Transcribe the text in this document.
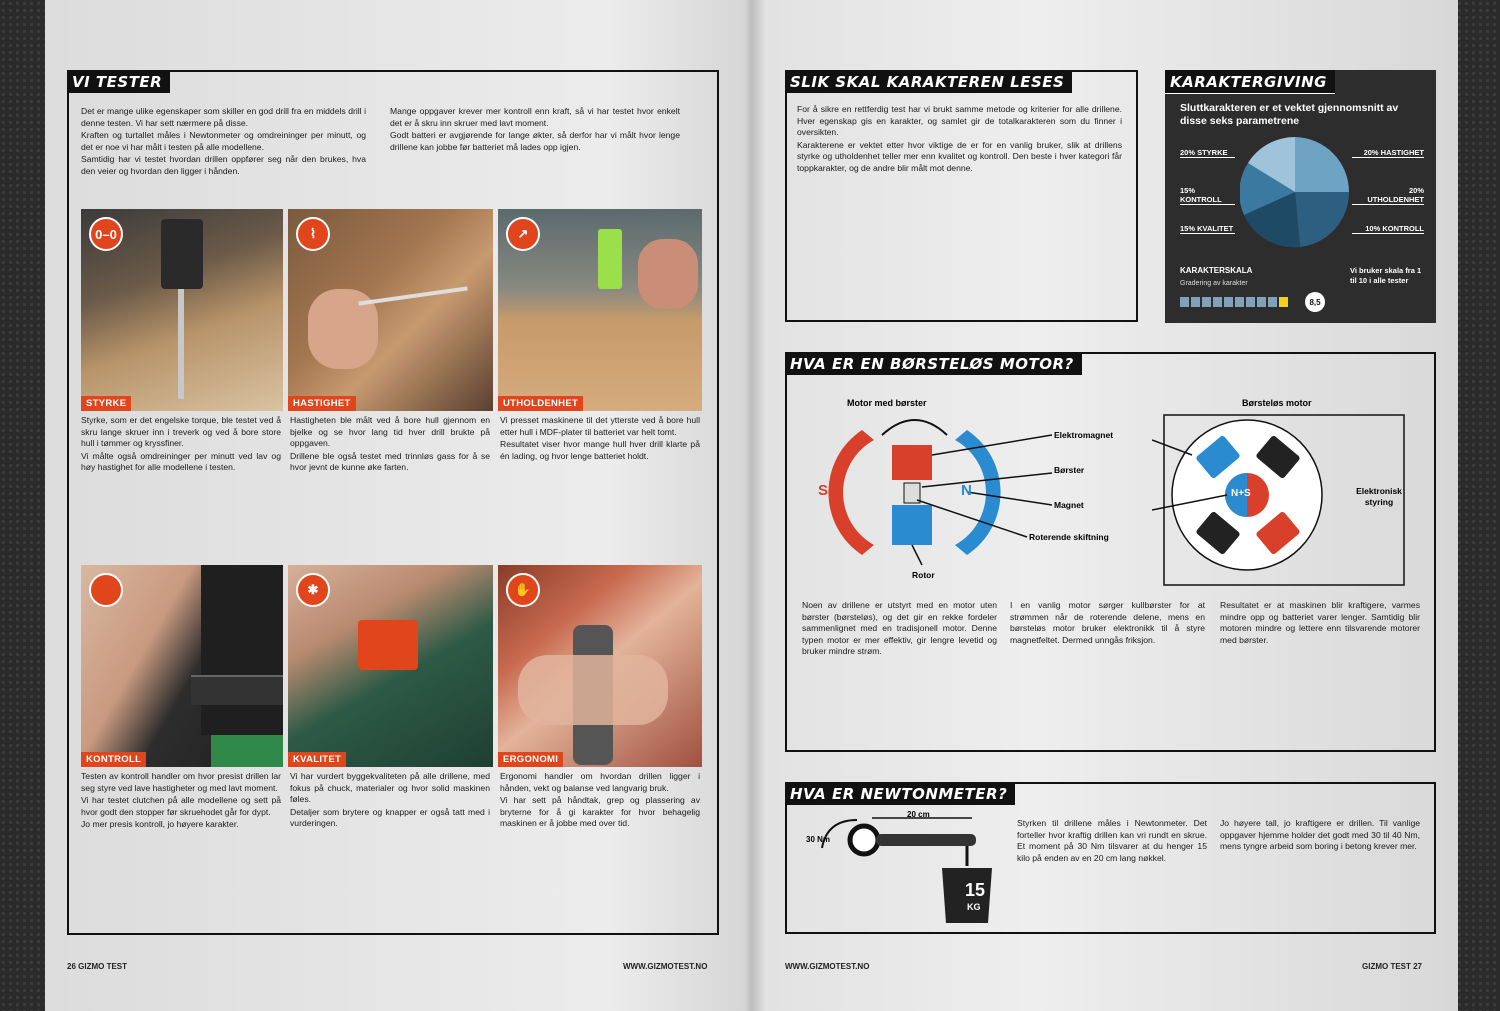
VI TESTER

Det er mange ulike egenskaper som skiller en god drill fra en middels drill i denne testen. Vi har sett nærmere på disse.

Kraften og turtallet måles i Newtonmeter og omdreininger per minutt, og det er noe vi har målt i testen på alle modellene.

Samtidig har vi testet hvordan drillen oppfører seg når den brukes, hva den veier og hvordan den ligger i hånden.

Mange oppgaver krever mer kontroll enn kraft, så vi har testet hvor enkelt det er å skru inn skruer med lavt moment.

Godt batteri er avgjørende for lange økter, så derfor har vi målt hvor lenge drillene kan jobbe før batteriet må lades opp igjen.

0–0
STYRKE
⌇
HASTIGHET
↗
UTHOLDENHET

Styrke, som er det engelske torque, ble testet ved å skru lange skruer inn i treverk og ved å bore store hull i tømmer og kryssfiner.

Vi målte også omdreininger per minutt ved lav og høy hastighet for alle modellene i testen.

Hastigheten ble målt ved å bore hull gjennom en bjelke og se hvor lang tid hver drill brukte på oppgaven.

Drillene ble også testet med trinnløs gass for å se hvor jevnt de kunne øke farten.

Vi presset maskinene til det ytterste ved å bore hull etter hull i MDF-plater til batteriet var helt tomt.

Resultatet viser hvor mange hull hver drill klarte på én lading, og hvor lenge batteriet holdt.

KONTROLL
✱
KVALITET
✋
ERGONOMI

Testen av kontroll handler om hvor presist drillen lar seg styre ved lave hastigheter og med lavt moment.

Vi har testet clutchen på alle modellene og sett på hvor godt den stopper før skruehodet går for dypt.

Jo mer presis kontroll, jo høyere karakter.

Vi har vurdert byggekvaliteten på alle drillene, med fokus på chuck, materialer og hvor solid maskinen føles.

Detaljer som brytere og knapper er også tatt med i vurderingen.

Ergonomi handler om hvordan drillen ligger i hånden, vekt og balanse ved langvarig bruk.

Vi har sett på håndtak, grep og plassering av bryterne for å gi karakter for hvor behagelig maskinen er å jobbe med over tid.

26 GIZMO TEST	WWW.GIZMOTEST.NO
SLIK SKAL KARAKTEREN LESES

For å sikre en rettferdig test har vi brukt samme metode og kriterier for alle drillene. Hver egenskap gis en karakter, og samlet gir de totalkarakteren som du finner i oversikten.

Karakterene er vektet etter hvor viktige de er for en vanlig bruker, slik at drillens styrke og utholdenhet teller mer enn kvalitet og kontroll. Den beste i hver kategori får toppkarakter, og de andre blir målt mot denne.

KARAKTERGIVING
Sluttkarakteren er et vektet gjennomsnitt av disse seks parametrene
20% STYRKE
15% KONTROLL
15% KVALITET
20% HASTIGHET
20% UTHOLDENHET
10% KONTROLL
KARAKTERSKALA
Gradering av karakter
8,5
Vi bruker skala fra 1 til 10 i alle tester
HVA ER EN BØRSTELØS MOTOR?
Motor med børster
S	N
Elektromagnet
Børster
Magnet
Roterende skiftning
Rotor
Børsteløs motor
N+S	Elektronisk styring
Noen av drillene er utstyrt med en motor uten børster (børsteløs), og det gir en rekke fordeler sammenlignet med en tradisjonell motor. Denne typen motor er mer effektiv, gir lengre levetid og bruker mindre strøm.
I en vanlig motor sørger kullbørster for at strømmen når de roterende delene, mens en børsteløs motor bruker elektronikk til å styre magnetfeltet. Dermed unngås friksjon.
Resultatet er at maskinen blir kraftigere, varmes mindre opp og batteriet varer lenger. Samtidig blir motoren mindre og lettere enn tilsvarende motorer med børster.
HVA ER NEWTONMETER?
20 cm
30 Nm
15
KG
Styrken til drillene måles i Newtonmeter. Det forteller hvor kraftig drillen kan vri rundt en skrue. Et moment på 30 Nm tilsvarer at du henger 15 kilo på enden av en 20 cm lang nøkkel.
Jo høyere tall, jo kraftigere er drillen. Til vanlige oppgaver hjemme holder det godt med 30 til 40 Nm, mens tyngre arbeid som boring i betong krever mer.
WWW.GIZMOTEST.NO	GIZMO TEST 27
